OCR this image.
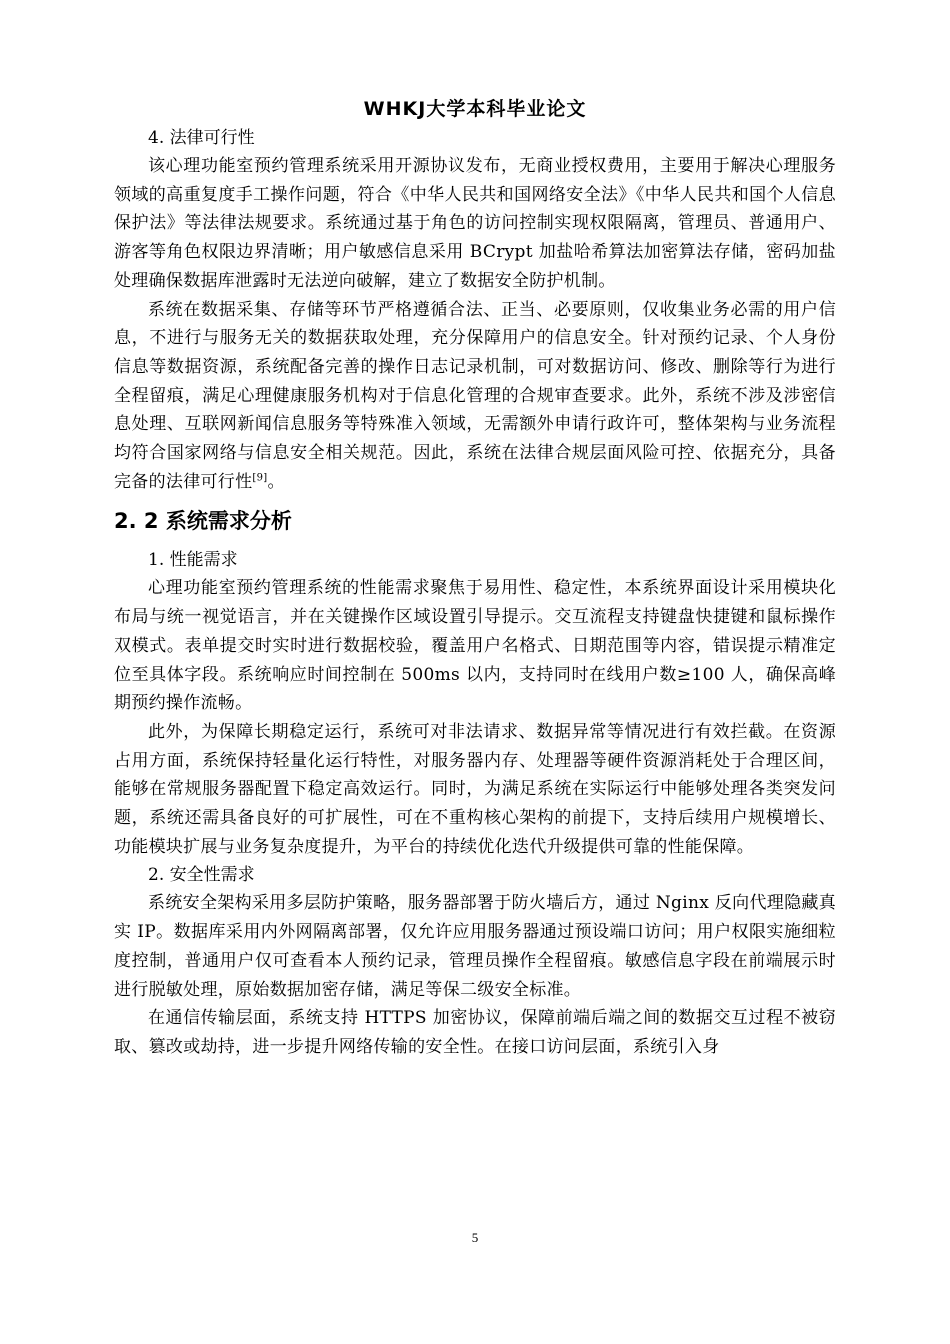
WHKJ大学本科毕业论文

4. 法律可行性

该心理功能室预约管理系统采用开源协议发布，无商业授权费用，主要用于解决心理服务领域的高重复度手工操作问题，符合《中华人民共和国网络安全法》《中华人民共和国个人信息保护法》等法律法规要求。系统通过基于角色的访问控制实现权限隔离，管理员、普通用户、游客等角色权限边界清晰；用户敏感信息采用 BCrypt 加盐哈希算法加密算法存储，密码加盐处理确保数据库泄露时无法逆向破解，建立了数据安全防护机制。

系统在数据采集、存储等环节严格遵循合法、正当、必要原则，仅收集业务必需的用户信息，不进行与服务无关的数据获取处理，充分保障用户的信息安全。针对预约记录、个人身份信息等数据资源，系统配备完善的操作日志记录机制，可对数据访问、修改、删除等行为进行全程留痕，满足心理健康服务机构对于信息化管理的合规审查要求。此外，系统不涉及涉密信息处理、互联网新闻信息服务等特殊准入领域，无需额外申请行政许可，整体架构与业务流程均符合国家网络与信息安全相关规范。因此，系统在法律合规层面风险可控、依据充分，具备完备的法律可行性[9]。

2. 2 系统需求分析

1. 性能需求

心理功能室预约管理系统的性能需求聚焦于易用性、稳定性，本系统界面设计采用模块化布局与统一视觉语言，并在关键操作区域设置引导提示。交互流程支持键盘快捷键和鼠标操作双模式。表单提交时实时进行数据校验，覆盖用户名格式、日期范围等内容，错误提示精准定位至具体字段。系统响应时间控制在 500ms 以内，支持同时在线用户数≥100 人，确保高峰期预约操作流畅。

此外，为保障长期稳定运行，系统可对非法请求、数据异常等情况进行有效拦截。在资源占用方面，系统保持轻量化运行特性，对服务器内存、处理器等硬件资源消耗处于合理区间，能够在常规服务器配置下稳定高效运行。同时，为满足系统在实际运行中能够处理各类突发问题，系统还需具备良好的可扩展性，可在不重构核心架构的前提下，支持后续用户规模增长、功能模块扩展与业务复杂度提升，为平台的持续优化迭代升级提供可靠的性能保障。

2. 安全性需求

系统安全架构采用多层防护策略，服务器部署于防火墙后方，通过 Nginx 反向代理隐藏真实 IP。数据库采用内外网隔离部署，仅允许应用服务器通过预设端口访问；用户权限实施细粒度控制，普通用户仅可查看本人预约记录，管理员操作全程留痕。敏感信息字段在前端展示时进行脱敏处理，原始数据加密存储，满足等保二级安全标准。

在通信传输层面，系统支持 HTTPS 加密协议，保障前端后端之间的数据交互过程不被窃取、篡改或劫持，进一步提升网络传输的安全性。在接口访问层面，系统引入身

5
